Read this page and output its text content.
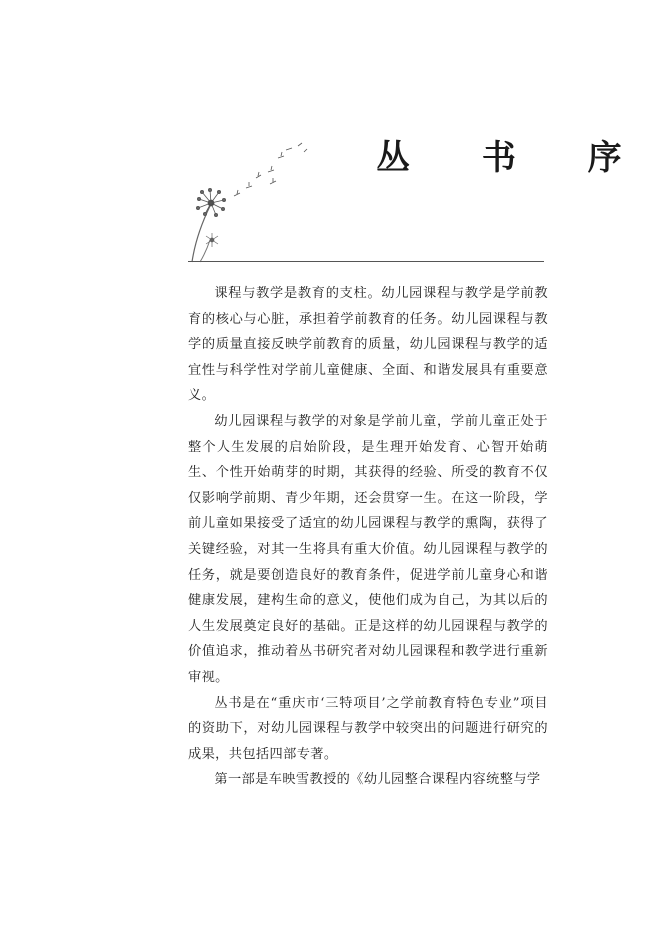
丛 书 序

课程与教学是教育的支柱。幼儿园课程与教学是学前教育的核心与心脏，承担着学前教育的任务。幼儿园课程与教学的质量直接反映学前教育的质量，幼儿园课程与教学的适宜性与科学性对学前儿童健康、全面、和谐发展具有重要意义。

幼儿园课程与教学的对象是学前儿童，学前儿童正处于整个人生发展的启始阶段，是生理开始发育、心智开始萌生、个性开始萌芽的时期，其获得的经验、所受的教育不仅仅影响学前期、青少年期，还会贯穿一生。在这一阶段，学前儿童如果接受了适宜的幼儿园课程与教学的熏陶，获得了关键经验，对其一生将具有重大价值。幼儿园课程与教学的任务，就是要创造良好的教育条件，促进学前儿童身心和谐健康发展，建构生命的意义，使他们成为自己，为其以后的人生发展奠定良好的基础。正是这样的幼儿园课程与教学的价值追求，推动着丛书研究者对幼儿园课程和教学进行重新审视。

丛书是在“重庆市‘三特项目’之学前教育特色专业”项目的资助下，对幼儿园课程与教学中较突出的问题进行研究的成果，共包括四部专著。

第一部是车映雪教授的《幼儿园整合课程内容统整与学
